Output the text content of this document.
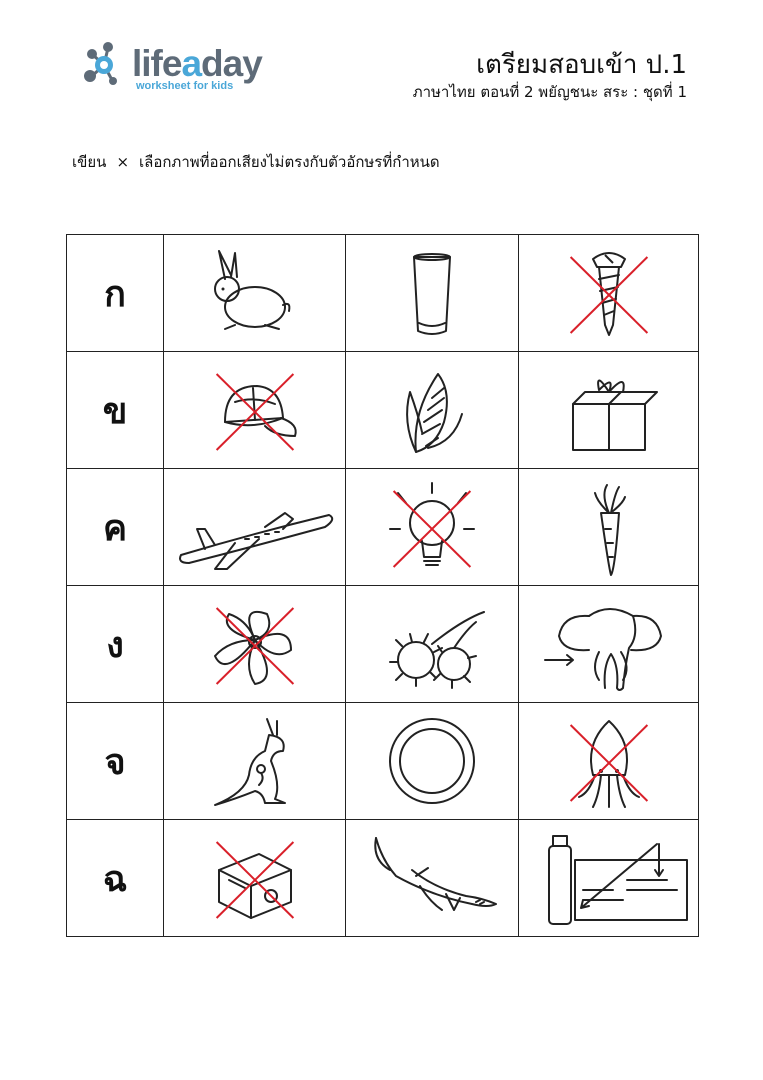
lifeaday
worksheet for kids
เตรียมสอบเข้า ป.1
ภาษาไทย ตอนที่ 2 พยัญชนะ สระ : ชุดที่ 1
เขียน × เลือกภาพที่ออกเสียงไม่ตรงกับตัวอักษรที่กำหนด
ก	

ข	

ค	

ง	

จ	

ฉ	
